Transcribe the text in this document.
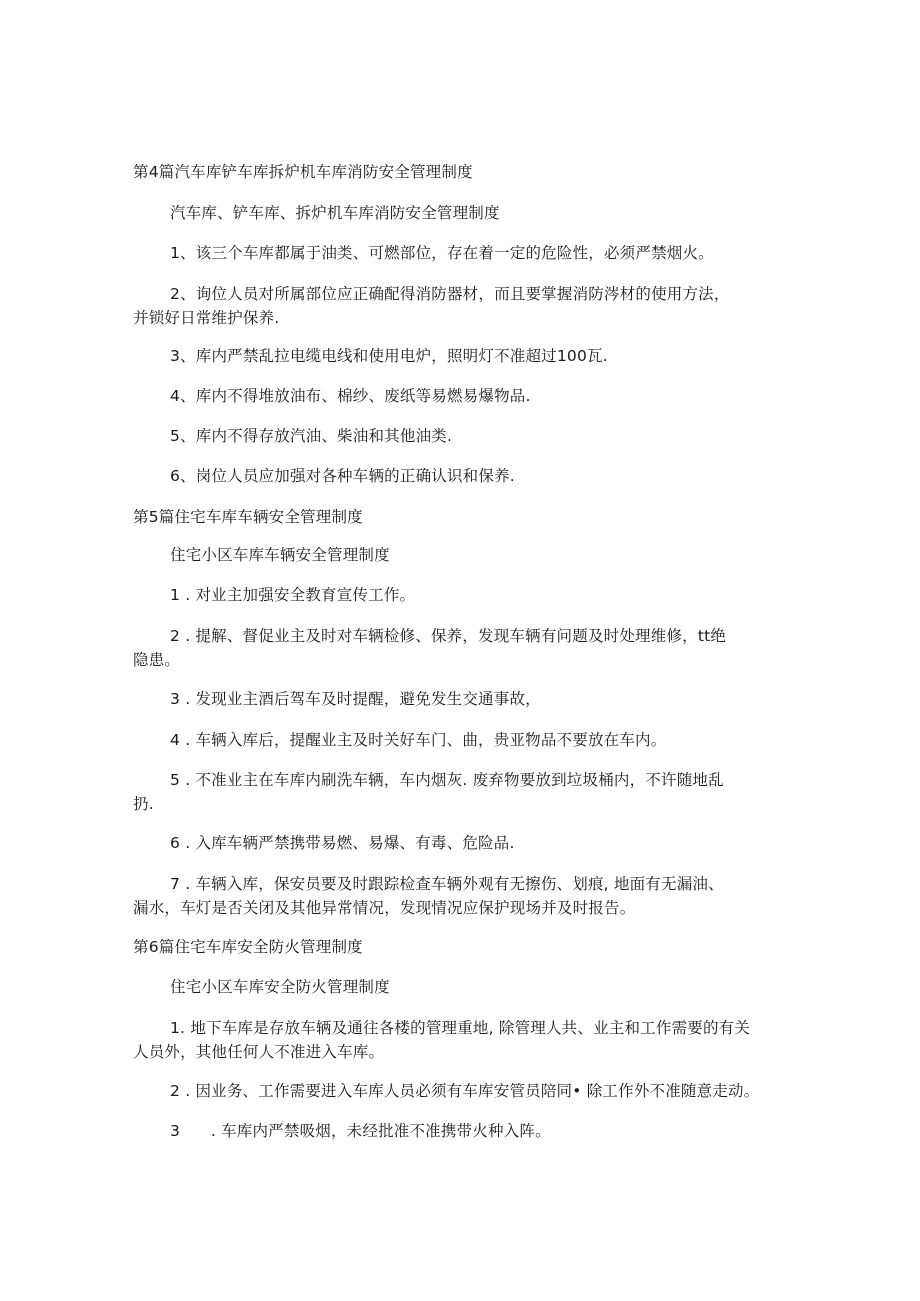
第4篇汽车库铲车库拆炉机车库消防安全管理制度
汽车库、铲车库、拆炉机车库消防安全管理制度
1、该三个车库都属于油类、可燃部位，存在着一定的危险性，必须严禁烟火。
2、询位人员对所属部位应正确配得消防器材，而且要掌握消防涔材的使用方法，
并锁好日常维护保养.
3、库内严禁乱拉电缆电线和使用电炉，照明灯不准超过100瓦.
4、库内不得堆放油布、棉纱、废纸等易燃易爆物品.
5、库内不得存放汽油、柴油和其他油类.
6、岗位人员应加强对各种车辆的正确认识和保养.
第5篇住宅车库车辆安全管理制度
住宅小区车库车辆安全管理制度
1 . 对业主加强安全教育宣传工作。
2 . 提解、督促业主及时对车辆检修、保养，发现车辆有问题及时处理维修，tt绝
隐患。
3 . 发现业主酒后驾车及时提醒，避免发生交通事故，
4 . 车辆入库后，提醒业主及时关好车门、曲，贵亚物品不要放在车内。
5 . 不准业主在车库内刷洗车辆，车内烟灰. 废弃物要放到垃圾桶内，不许随地乱
扔.
6 . 入库车辆严禁携带易燃、易爆、有毒、危险品.
7 . 车辆入库，保安员要及时跟踪检查车辆外观有无擦伤、划痕, 地面有无漏油、
漏水，车灯是否关闭及其他异常情况，发现情况应保护现场并及时报告。
第6篇住宅车库安全防火管理制度
住宅小区车库安全防火管理制度
1. 地下车库是存放车辆及通往各楼的管理重地, 除管理人共、业主和工作需要的有关
人员外，其他任何人不准进入车库。
2 . 因业务、工作需要进入车库人员必须有车库安管员陪同• 除工作外不准随意走动。
3      . 车库内严禁吸烟，未经批准不准携带火种入阵。
